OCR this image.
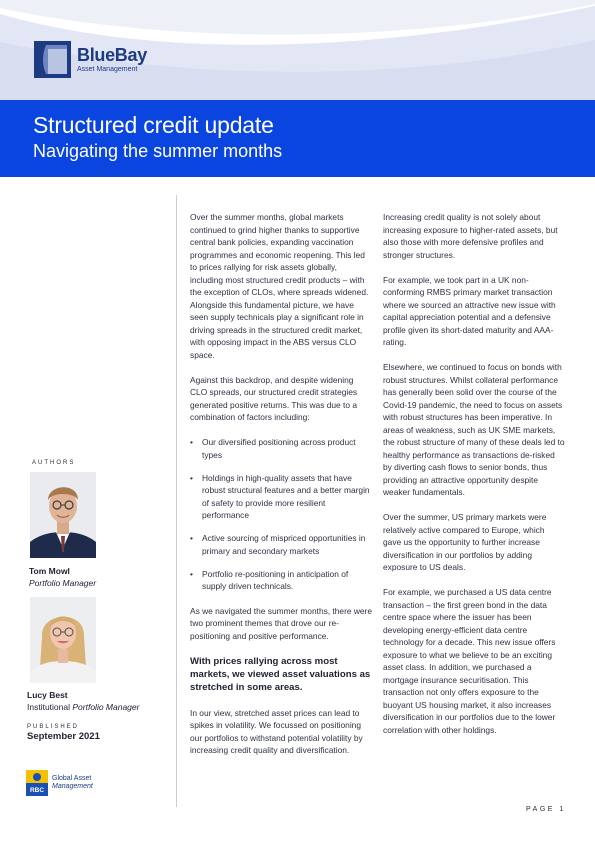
BlueBay
Asset Management
Structured credit update
Navigating the summer months
AUTHORS
Tom Mowl
Portfolio Manager
Lucy Best
Institutional Portfolio Manager
PUBLISHED
September 2021
RBC
Global Asset
Management

Over the summer months, global markets continued to grind higher thanks to supportive central bank policies, expanding vaccination programmes and economic reopening. This led to prices rallying for risk assets globally, including most structured credit products – with the exception of CLOs, where spreads widened. Alongside this fundamental picture, we have seen supply technicals play a significant role in driving spreads in the structured credit market, with opposing impact in the ABS versus CLO space.

Against this backdrop, and despite widening CLO spreads, our structured credit strategies generated positive returns. This was due to a combination of factors including:

• Our diversified positioning across product types
• Holdings in high-quality assets that have robust structural features and a better margin of safety to provide more resilient performance
• Active sourcing of mispriced opportunities in primary and secondary markets
• Portfolio re-positioning in anticipation of supply driven technicals.

As we navigated the summer months, there were two prominent themes that drove our re-positioning and positive performance.

With prices rallying across most markets, we viewed asset valuations as stretched in some areas.

In our view, stretched asset prices can lead to spikes in volatility. We focussed on positioning our portfolios to withstand potential volatility by increasing credit quality and diversification.

Increasing credit quality is not solely about increasing exposure to higher-rated assets, but also those with more defensive profiles and stronger structures.

For example, we took part in a UK non-conforming RMBS primary market transaction where we sourced an attractive new issue with capital appreciation potential and a defensive profile given its short-dated maturity and AAA-rating.

Elsewhere, we continued to focus on bonds with robust structures. Whilst collateral performance has generally been solid over the course of the Covid-19 pandemic, the need to focus on assets with robust structures has been imperative. In areas of weakness, such as UK SME markets, the robust structure of many of these deals led to healthy performance as transactions de-risked by diverting cash flows to senior bonds, thus providing an attractive opportunity despite weaker fundamentals.

Over the summer, US primary markets were relatively active compared to Europe, which gave us the opportunity to further increase diversification in our portfolios by adding exposure to US deals.

For example, we purchased a US data centre transaction – the first green bond in the data centre space where the issuer has been developing energy-efficient data centre technology for a decade. This new issue offers exposure to what we believe to be an exciting asset class. In addition, we purchased a mortgage insurance securitisation. This transaction not only offers exposure to the buoyant US housing market, it also increases diversification in our portfolios due to the lower correlation with other holdings.

PAGE 1
